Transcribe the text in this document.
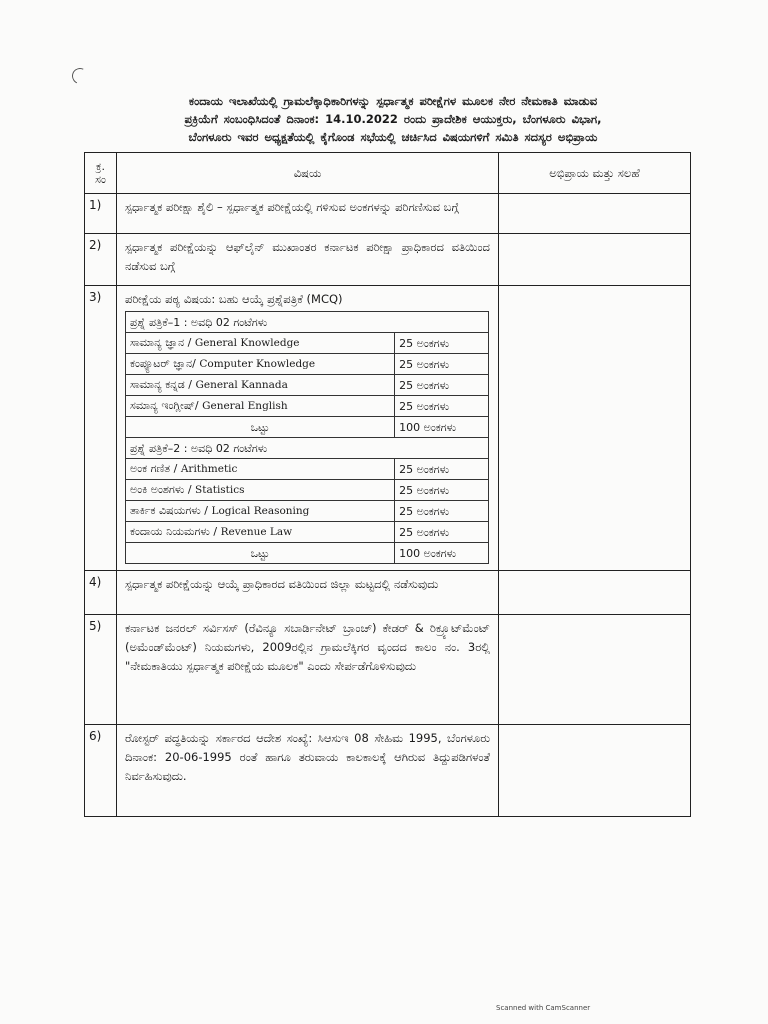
ಕಂದಾಯ ಇಲಾಖೆಯಲ್ಲಿ ಗ್ರಾಮಲೆಕ್ಕಾಧಿಕಾರಿಗಳನ್ನು ಸ್ಪರ್ಧಾತ್ಮಕ ಪರೀಕ್ಷೆಗಳ ಮೂಲಕ ನೇರ ನೇಮಕಾತಿ ಮಾಡುವ
ಪ್ರಕ್ರಿಯೆಗೆ ಸಂಬಂಧಿಸಿದಂತೆ ದಿನಾಂಕ: 14.10.2022 ರಂದು ಪ್ರಾದೇಶಿಕ ಆಯುಕ್ತರು, ಬೆಂಗಳೂರು ವಿಭಾಗ,
ಬೆಂಗಳೂರು ಇವರ ಅಧ್ಯಕ್ಷತೆಯಲ್ಲಿ ಕೈಗೊಂಡ ಸಭೆಯಲ್ಲಿ ಚರ್ಚಿಸಿದ ವಿಷಯಗಳಿಗೆ ಸಮಿತಿ ಸದಸ್ಯರ ಅಭಿಪ್ರಾಯ
ಕ್ರ.
ಸಂ	ವಿಷಯ	ಅಭಿಪ್ರಾಯ ಮತ್ತು ಸಲಹೆ
1)	ಸ್ಪರ್ಧಾತ್ಮಕ ಪರೀಕ್ಷಾ ಶೈಲಿ – ಸ್ಪರ್ಧಾತ್ಮಕ ಪರೀಕ್ಷೆಯಲ್ಲಿ ಗಳಿಸುವ ಅಂಕಗಳನ್ನು ಪರಿಗಣಿಸುವ ಬಗ್ಗೆ	
2)	ಸ್ಪರ್ಧಾತ್ಮಕ ಪರೀಕ್ಷೆಯನ್ನು ಆಫ್‌ಲೈನ್ ಮುಖಾಂತರ ಕರ್ನಾಟಕ ಪರೀಕ್ಷಾ ಪ್ರಾಧಿಕಾರದ ವತಿಯಿಂದ ನಡೆಸುವ ಬಗ್ಗೆ	
3)	ಪರೀಕ್ಷೆಯ ಪಠ್ಯ ವಿಷಯ: ಬಹು ಆಯ್ಕೆ ಪ್ರಶ್ನೆಪತ್ರಿಕೆ (MCQ)

ಪ್ರಶ್ನೆ ಪತ್ರಿಕೆ–1 : ಅವಧಿ 02 ಗಂಟೆಗಳು
ಸಾಮಾನ್ಯ ಜ್ಞಾನ / General Knowledge	25 ಅಂಕಗಳು
ಕಂಪ್ಯೂಟರ್ ಜ್ಞಾನ/ Computer Knowledge	25 ಅಂಕಗಳು
ಸಾಮಾನ್ಯ ಕನ್ನಡ / General Kannada	25 ಅಂಕಗಳು
ಸಮಾನ್ಯ ಇಂಗ್ಲೀಷ್/ General English	25 ಅಂಕಗಳು
ಒಟ್ಟು	100 ಅಂಕಗಳು
ಪ್ರಶ್ನೆ ಪತ್ರಿಕೆ–2 : ಅವಧಿ 02 ಗಂಟೆಗಳು
ಅಂಕ ಗಣಿತ / Arithmetic	25 ಅಂಕಗಳು
ಅಂಕಿ ಅಂಶಗಳು / Statistics	25 ಅಂಕಗಳು
ತಾರ್ಕಿಕ ವಿಷಯಗಳು / Logical Reasoning	25 ಅಂಕಗಳು
ಕಂದಾಯ ನಿಯಮಗಳು / Revenue Law	25 ಅಂಕಗಳು
ಒಟ್ಟು	100 ಅಂಕಗಳು

4)	ಸ್ಪರ್ಧಾತ್ಮಕ ಪರೀಕ್ಷೆಯನ್ನು ಆಯ್ಕೆ ಪ್ರಾಧಿಕಾರದ ವತಿಯಿಂದ ಜಿಲ್ಲಾ ಮಟ್ಟದಲ್ಲಿ ನಡೆಸುವುದು	
5)	ಕರ್ನಾಟಕ ಜನರಲ್ ಸರ್ವಿಸಸ್ (ರೆವಿನ್ಯೂ ಸಬಾರ್ಡಿನೇಟ್ ಬ್ರಾಂಚ್) ಕೇಡರ್ & ರಿಕ್ರ್ಯೂಟ್‌ಮೆಂಟ್ (ಅಮೆಂಡ್‌ಮೆಂಟ್) ನಿಯಮಗಳು, 2009ರಲ್ಲಿನ ಗ್ರಾಮಲೆಕ್ಕಿಗರ ವೃಂದದ ಕಾಲಂ ನಂ. 3ರಲ್ಲಿ "ನೇಮಕಾತಿಯು ಸ್ಪರ್ಧಾತ್ಮಕ ಪರೀಕ್ಷೆಯ ಮೂಲಕ" ಎಂದು ಸೇರ್ಪಡೆಗೊಳಿಸುವುದು	
6)	ರೋಸ್ಟರ್ ಪದ್ಧತಿಯನ್ನು ಸರ್ಕಾರದ ಆದೇಶ ಸಂಖ್ಯೆ: ಸಿಆಸುಇ 08 ಸೇಹಿಮ 1995, ಬೆಂಗಳೂರು ದಿನಾಂಕ: 20-06-1995 ರಂತೆ ಹಾಗೂ ತರುವಾಯ ಕಾಲಕಾಲಕ್ಕೆ ಆಗಿರುವ ತಿದ್ದುಪಡಿಗಳಂತೆ ನಿರ್ವಹಿಸುವುದು.	
Scanned with CamScanner
